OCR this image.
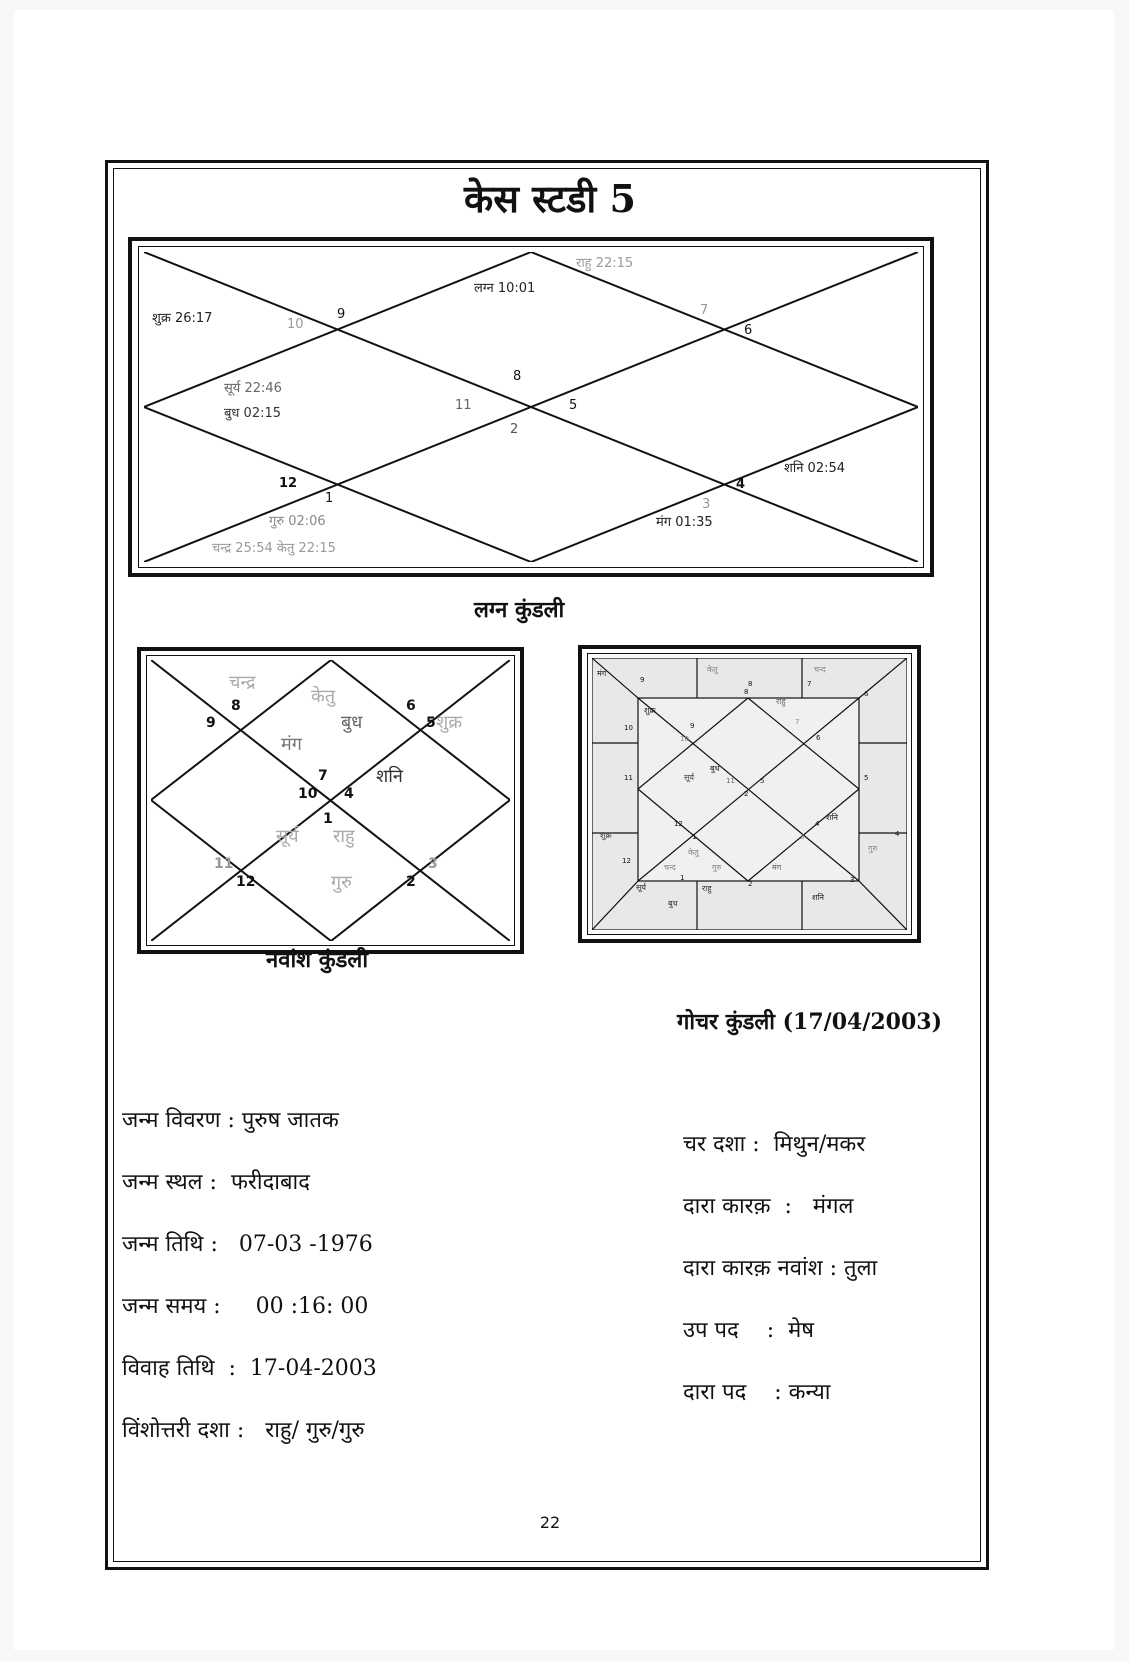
केस स्टडी 5
9
10
7
6
8
11	5
2
12
1
4
3
शुक्र 26:17
राहु 22:15
लग्न 10:01
सूर्य 22:46
बुध 02:15
शनि 02:54
गुरु 02:06
चन्द्र 25:54 केतु 22:15
मंग 01:35
लग्न कुंडली
8
9
6
5
7
10 4
1
11
12
3
2
चन्द्र
केतु
बुध
मंग
शुक्र
शनि
सूर्य राहु
गुरु
नवांश कुंडली
मंग	केतु	चन्द
शुक्र
गुरु
सूर्य
बुध
राहु
शनि
9	8	7
6
10
5
11
4
12
1
2	3
शुक्र
राहु
बुध
सूर्य
शनि
केतु
चन्द	गुरु	मंग
8
9
10
7
6
11	5
2
12
1
4
3
गोचर कुंडली (17/04/2003)
जन्म विवरण : पुरुष जातक
जन्म स्थल :  फरीदाबाद
जन्म तिथि :   07-03 -1976
जन्म समय :     00 :16: 00
विवाह तिथि  :  17-04-2003
विंशोत्तरी दशा :   राहु/ गुरु/गुरु
चर दशा :  मिथुन/मकर
दारा कारक़  :   मंगल
दारा कारक़ नवांश : तुला
उप पद    :  मेष
दारा पद    : कन्या
22
